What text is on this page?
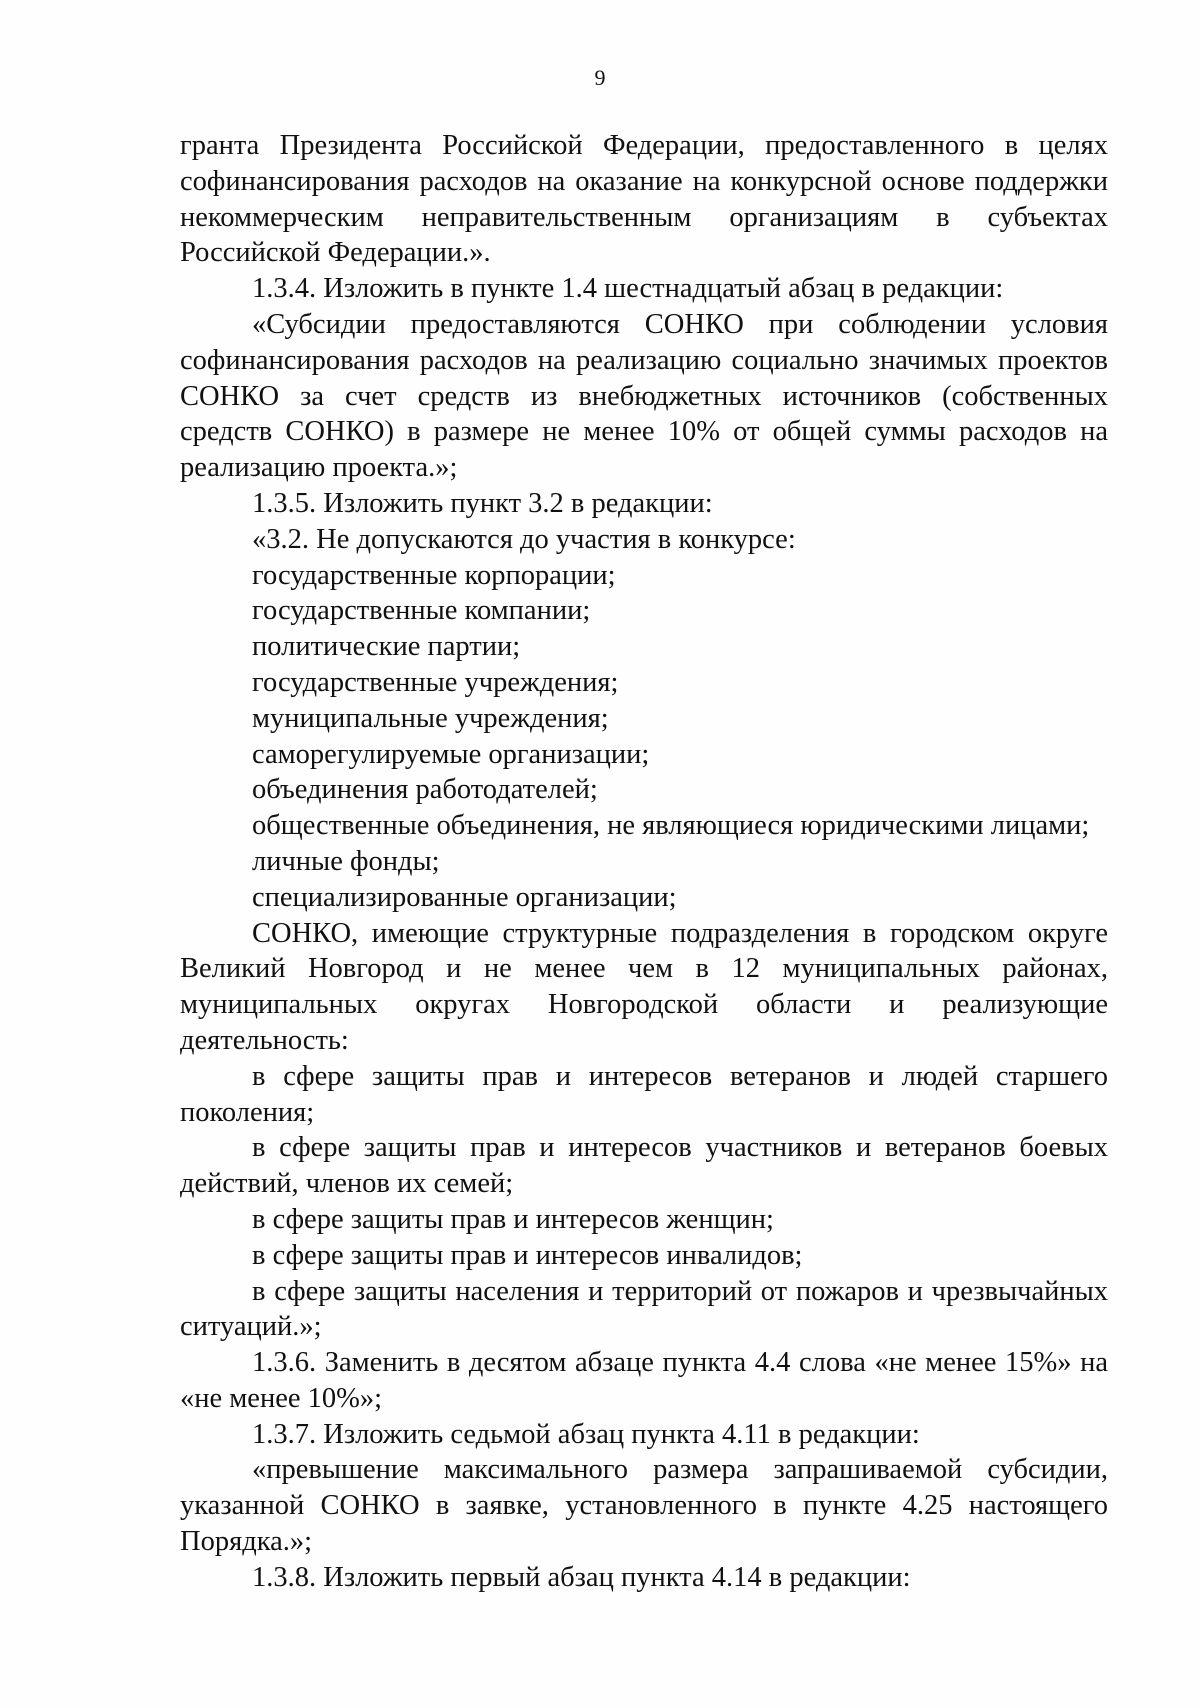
9

гранта Президента Российской Федерации, предоставленного в целях софинансирования расходов на оказание на конкурсной основе поддержки некоммерческим неправительственным организациям в субъектах Российской Федерации.».

1.3.4. Изложить в пункте 1.4 шестнадцатый абзац в редакции:

«Субсидии предоставляются СОНКО при соблюдении условия софинансирования расходов на реализацию социально значимых проектов СОНКО за счет средств из внебюджетных источников (собственных средств СОНКО) в размере не менее 10% от общей суммы расходов на реализацию проекта.»;

1.3.5. Изложить пункт 3.2 в редакции:

«3.2. Не допускаются до участия в конкурсе:

государственные корпорации;

государственные компании;

политические партии;

государственные учреждения;

муниципальные учреждения;

саморегулируемые организации;

объединения работодателей;

общественные объединения, не являющиеся юридическими лицами;

личные фонды;

специализированные организации;

СОНКО, имеющие структурные подразделения в городском округе Великий Новгород и не менее чем в 12 муниципальных районах, муниципальных округах Новгородской области и реализующие деятельность:

в сфере защиты прав и интересов ветеранов и людей старшего поколения;

в сфере защиты прав и интересов участников и ветеранов боевых действий, членов их семей;

в сфере защиты прав и интересов женщин;

в сфере защиты прав и интересов инвалидов;

в сфере защиты населения и территорий от пожаров и чрезвычайных ситуаций.»;

1.3.6. Заменить в десятом абзаце пункта 4.4 слова «не менее 15%» на «не менее 10%»;

1.3.7. Изложить седьмой абзац пункта 4.11 в редакции:

«превышение максимального размера запрашиваемой субсидии, указанной СОНКО в заявке, установленного в пункте 4.25 настоящего Порядка.»;

1.3.8. Изложить первый абзац пункта 4.14 в редакции:
